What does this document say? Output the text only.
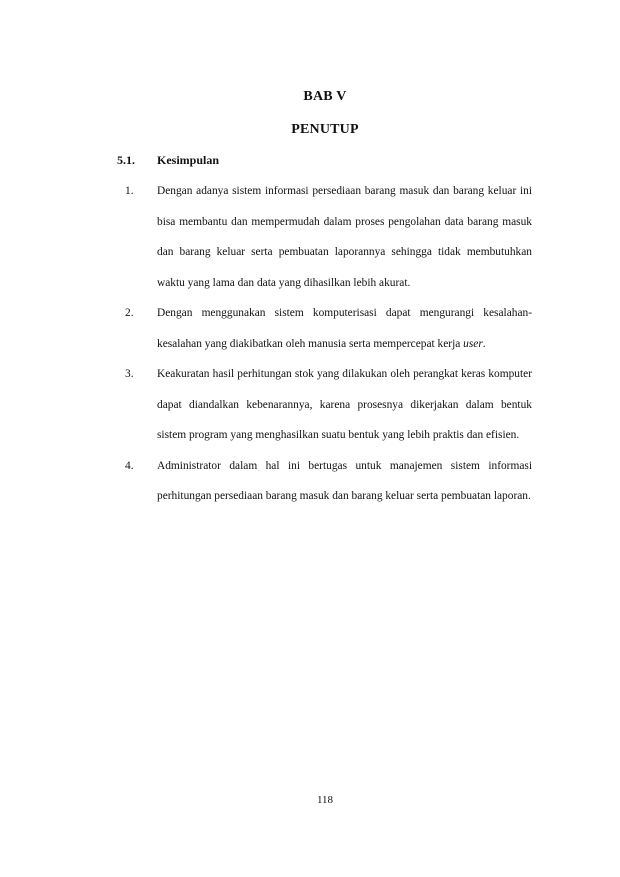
BAB V
PENUTUP
5.1. Kesimpulan
1. Dengan adanya sistem informasi persediaan barang masuk dan barang keluar ini bisa membantu dan mempermudah dalam proses pengolahan data barang masuk dan barang keluar serta pembuatan laporannya sehingga tidak membutuhkan waktu yang lama dan data yang dihasilkan lebih akurat.
2. Dengan menggunakan sistem komputerisasi dapat mengurangi kesalahan-kesalahan yang diakibatkan oleh manusia serta mempercepat kerja user.
3. Keakuratan hasil perhitungan stok yang dilakukan oleh perangkat keras komputer dapat diandalkan kebenarannya, karena prosesnya dikerjakan dalam bentuk sistem program yang menghasilkan suatu bentuk yang lebih praktis dan efisien.
4. Administrator dalam hal ini bertugas untuk manajemen sistem informasi perhitungan persediaan barang masuk dan barang keluar serta pembuatan laporan.
118
